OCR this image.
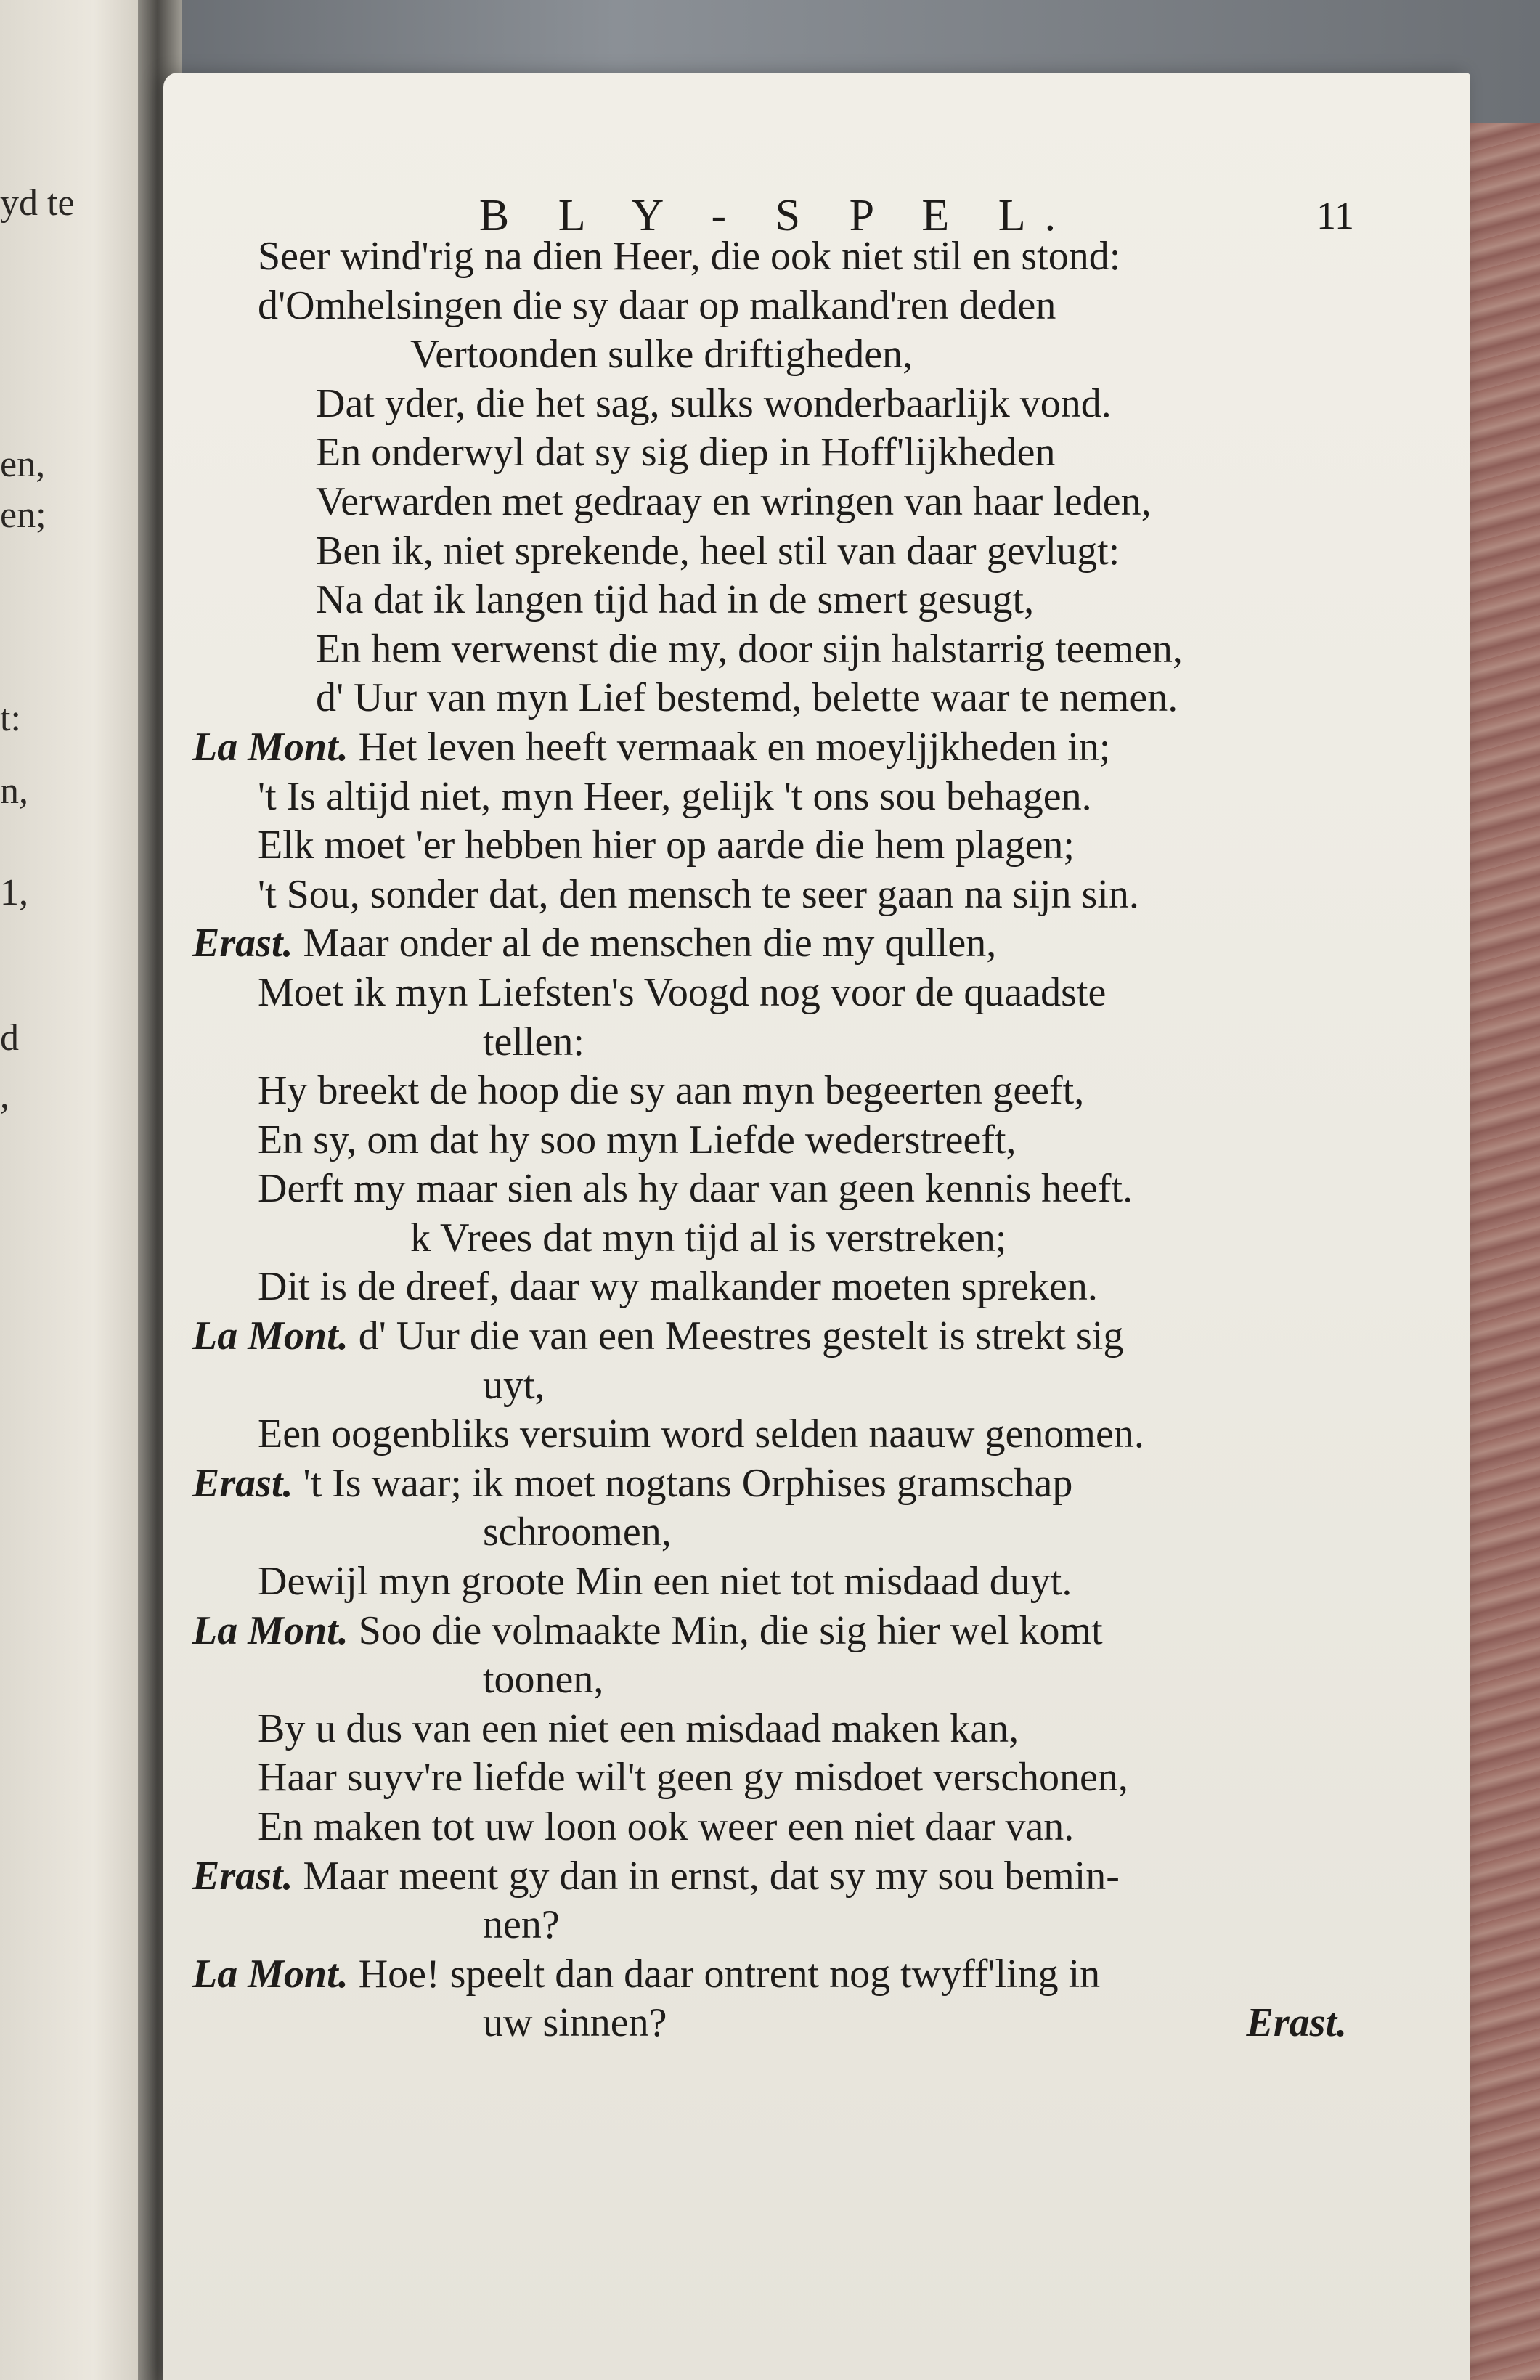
yd te
en,
en;
t:
n,
1,
d
,
B L Y - S P E L.	11
Seer wind'rig na dien Heer, die ook niet stil en stond:
d'Omhelsingen die sy daar op malkand'ren deden
Vertoonden sulke driftigheden,
Dat yder, die het sag, sulks wonderbaarlijk vond.
En onderwyl dat sy sig diep in Hoff'lijkheden
Verwarden met gedraay en wringen van haar leden,
Ben ik, niet sprekende, heel stil van daar gevlugt:
Na dat ik langen tijd had in de smert gesugt,
En hem verwenst die my, door sijn halstarrig teemen,
d' Uur van myn Lief bestemd, belette waar te nemen.
La Mont. Het leven heeft vermaak en moeyljjkheden in;
't Is altijd niet, myn Heer, gelijk 't ons sou behagen.
Elk moet 'er hebben hier op aarde die hem plagen;
't Sou, sonder dat, den mensch te seer gaan na sijn sin.
Erast. Maar onder al de menschen die my qullen,
Moet ik myn Liefsten's Voogd nog voor de quaadste
tellen:
Hy breekt de hoop die sy aan myn begeerten geeft,
En sy, om dat hy soo myn Liefde wederstreeft,
Derft my maar sien als hy daar van geen kennis heeft.
k Vrees dat myn tijd al is verstreken;
Dit is de dreef, daar wy malkander moeten spreken.
La Mont. d' Uur die van een Meestres gestelt is strekt sig
uyt,
Een oogenbliks versuim word selden naauw genomen.
Erast. 't Is waar; ik moet nogtans Orphises gramschap
schroomen,
Dewijl myn groote Min een niet tot misdaad duyt.
La Mont. Soo die volmaakte Min, die sig hier wel komt
toonen,
By u dus van een niet een misdaad maken kan,
Haar suyv're liefde wil't geen gy misdoet verschonen,
En maken tot uw loon ook weer een niet daar van.
Erast. Maar meent gy dan in ernst, dat sy my sou bemin-
nen?
La Mont. Hoe! speelt dan daar ontrent nog twyff'ling in
uw sinnen?	Erast.
